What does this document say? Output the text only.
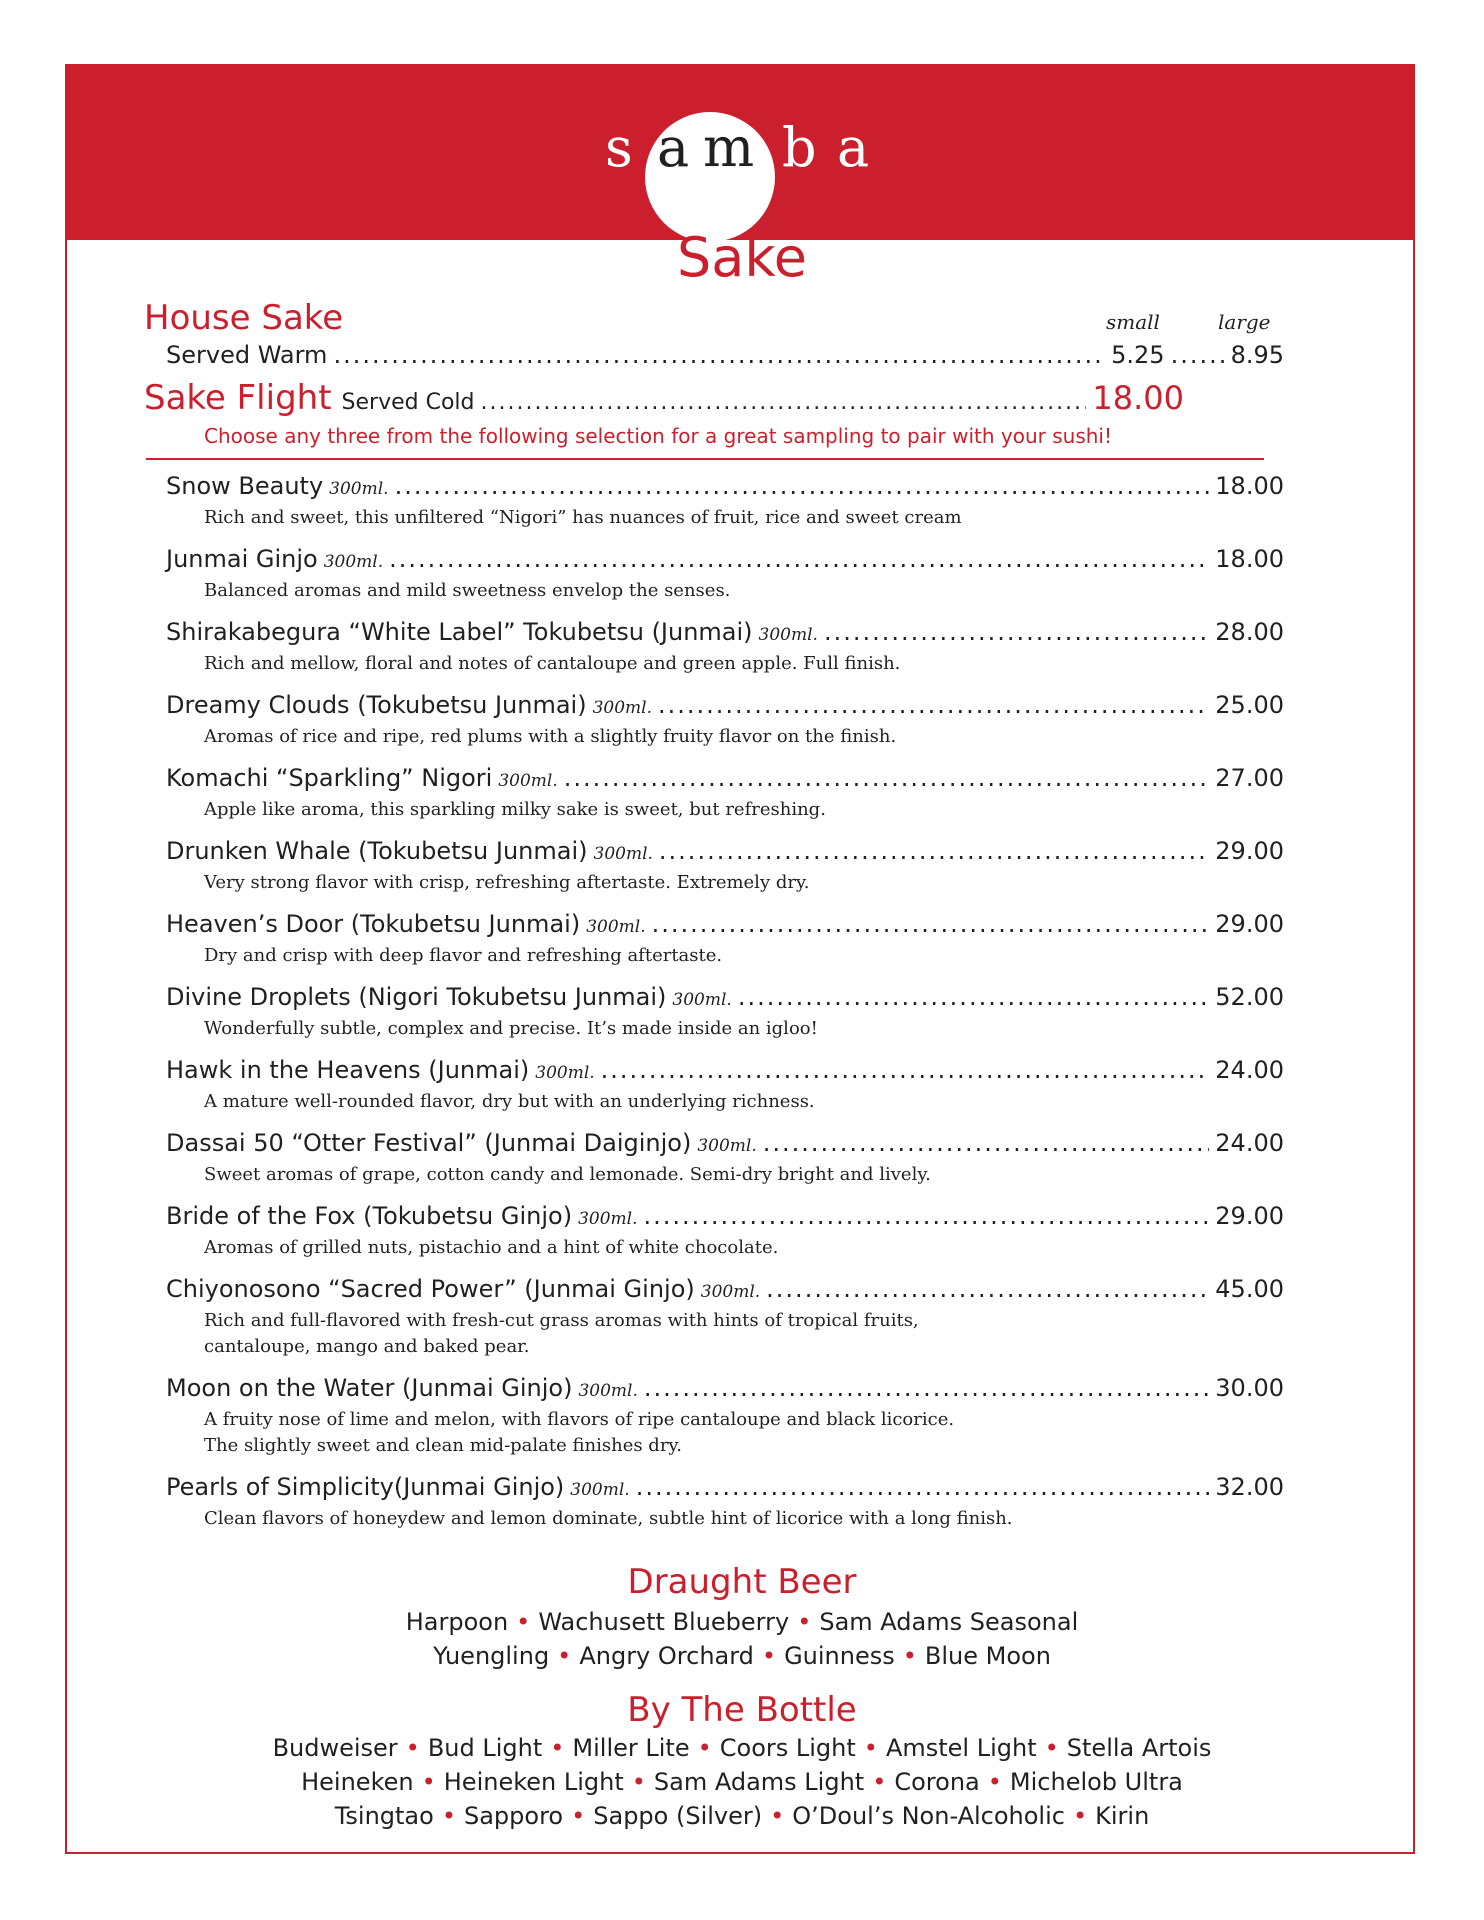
s a m b a
Sake
House Sake	small	large
Served Warm .....	5.25 .....	8.95
Sake Flight Served Cold .....	18.00
Choose any three from the following selection for a great sampling to pair with your sushi!
Snow Beauty 300ml. .....	18.00
Rich and sweet, this unfiltered “Nigori” has nuances of fruit, rice and sweet cream
Junmai Ginjo 300ml. .....	18.00
Balanced aromas and mild sweetness envelop the senses.
Shirakabegura “White Label” Tokubetsu (Junmai) 300ml. .....	28.00
Rich and mellow, floral and notes of cantaloupe and green apple. Full finish.
Dreamy Clouds (Tokubetsu Junmai) 300ml. .....	25.00
Aromas of rice and ripe, red plums with a slightly fruity flavor on the finish.
Komachi “Sparkling” Nigori 300ml. .....	27.00
Apple like aroma, this sparkling milky sake is sweet, but refreshing.
Drunken Whale (Tokubetsu Junmai) 300ml. .....	29.00
Very strong flavor with crisp, refreshing aftertaste. Extremely dry.
Heaven’s Door (Tokubetsu Junmai) 300ml. .....	29.00
Dry and crisp with deep flavor and refreshing aftertaste.
Divine Droplets (Nigori Tokubetsu Junmai) 300ml. .....	52.00
Wonderfully subtle, complex and precise. It’s made inside an igloo!
Hawk in the Heavens (Junmai) 300ml. .....	24.00
A mature well-rounded flavor, dry but with an underlying richness.
Dassai 50 “Otter Festival” (Junmai Daiginjo) 300ml. .....	24.00
Sweet aromas of grape, cotton candy and lemonade. Semi-dry bright and lively.
Bride of the Fox (Tokubetsu Ginjo) 300ml. .....	29.00
Aromas of grilled nuts, pistachio and a hint of white chocolate.
Chiyonosono “Sacred Power” (Junmai Ginjo) 300ml. .....	45.00
Rich and full-flavored with fresh-cut grass aromas with hints of tropical fruits,
cantaloupe, mango and baked pear.
Moon on the Water (Junmai Ginjo) 300ml. .....	30.00
A fruity nose of lime and melon, with flavors of ripe cantaloupe and black licorice.
The slightly sweet and clean mid-palate finishes dry.
Pearls of Simplicity(Junmai Ginjo) 300ml. .....	32.00
Clean flavors of honeydew and lemon dominate, subtle hint of licorice with a long finish.
Draught Beer
Harpoon • Wachusett Blueberry • Sam Adams Seasonal
Yuengling • Angry Orchard • Guinness • Blue Moon
By The Bottle
Budweiser • Bud Light • Miller Lite • Coors Light • Amstel Light • Stella Artois
Heineken • Heineken Light • Sam Adams Light • Corona • Michelob Ultra
Tsingtao • Sapporo • Sappo (Silver) • O’Doul’s Non-Alcoholic • Kirin
